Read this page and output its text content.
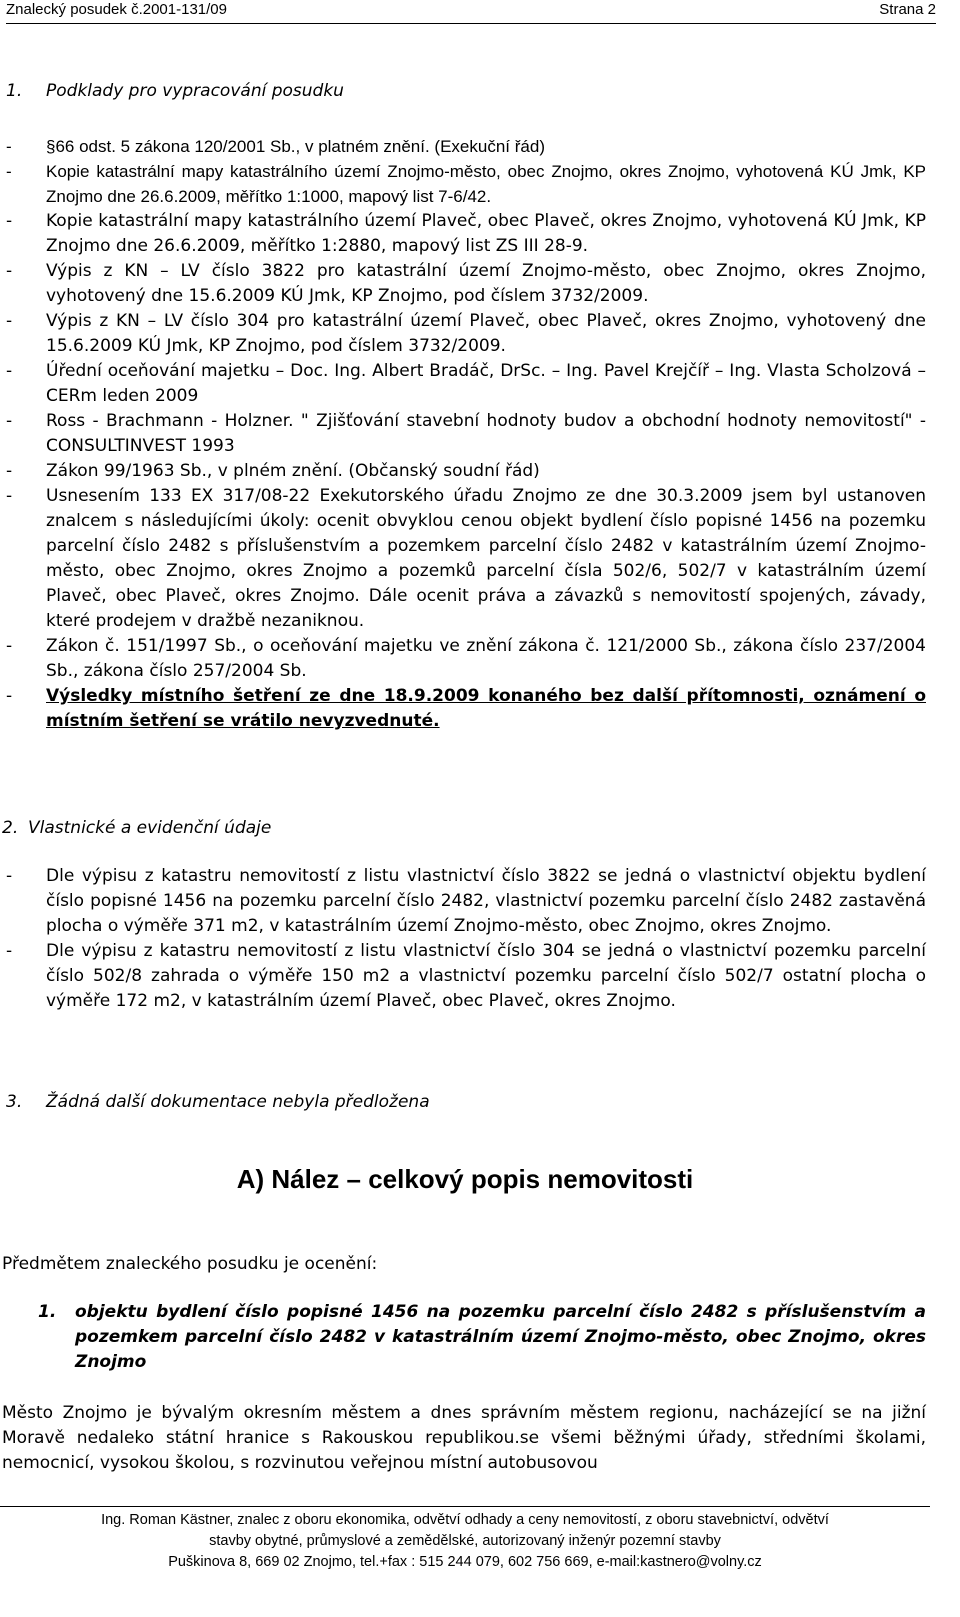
Znalecký posudek č.2001-131/09	Strana 2
1. Podklady pro vypracování posudku
- §66 odst. 5 zákona 120/2001 Sb., v platném znění. (Exekuční řád)
- Kopie katastrální mapy katastrálního území Znojmo-město, obec Znojmo, okres Znojmo, vyhotovená KÚ Jmk, KP Znojmo dne 26.6.2009, měřítko 1:1000, mapový list 7-6/42.
- Kopie katastrální mapy katastrálního území Plaveč, obec Plaveč, okres Znojmo, vyhotovená KÚ Jmk, KP Znojmo dne 26.6.2009, měřítko 1:2880, mapový list ZS III 28-9.
- Výpis z KN – LV číslo 3822 pro katastrální území Znojmo-město, obec Znojmo, okres Znojmo, vyhotovený dne 15.6.2009 KÚ Jmk, KP Znojmo, pod číslem 3732/2009.
- Výpis z KN – LV číslo 304 pro katastrální území Plaveč, obec Plaveč, okres Znojmo, vyhotovený dne 15.6.2009 KÚ Jmk, KP Znojmo, pod číslem 3732/2009.
- Úřední oceňování majetku – Doc. Ing. Albert Bradáč, DrSc. – Ing. Pavel Krejčíř – Ing. Vlasta Scholzová – CERm leden 2009
- Ross - Brachmann - Holzner. " Zjišťování stavební hodnoty budov a obchodní hodnoty nemovitostí" - CONSULTINVEST 1993
- Zákon 99/1963 Sb., v plném znění. (Občanský soudní řád)
- Usnesením 133 EX 317/08-22 Exekutorského úřadu Znojmo ze dne 30.3.2009 jsem byl ustanoven znalcem s následujícími úkoly: ocenit obvyklou cenou objekt bydlení číslo popisné 1456 na pozemku parcelní číslo 2482 s příslušenstvím a pozemkem parcelní číslo 2482 v katastrálním území Znojmo-město, obec Znojmo, okres Znojmo a pozemků parcelní čísla 502/6, 502/7 v katastrálním území Plaveč, obec Plaveč, okres Znojmo. Dále ocenit práva a závazků s nemovitostí spojených, závady, které prodejem v dražbě nezaniknou.
- Zákon č. 151/1997 Sb., o oceňování majetku ve znění zákona č. 121/2000 Sb., zákona číslo 237/2004 Sb., zákona číslo 257/2004 Sb.
- Výsledky místního šetření ze dne 18.9.2009 konaného bez další přítomnosti, oznámení o místním šetření se vrátilo nevyzvednuté.
2. Vlastnické a evidenční údaje
- Dle výpisu z katastru nemovitostí z listu vlastnictví číslo 3822 se jedná o vlastnictví objektu bydlení číslo popisné 1456 na pozemku parcelní číslo 2482, vlastnictví pozemku parcelní číslo 2482 zastavěná plocha o výměře 371 m2, v katastrálním území Znojmo-město, obec Znojmo, okres Znojmo.
- Dle výpisu z katastru nemovitostí z listu vlastnictví číslo 304 se jedná o vlastnictví pozemku parcelní číslo 502/8 zahrada o výměře 150 m2 a vlastnictví pozemku parcelní číslo 502/7 ostatní plocha o výměře 172 m2, v katastrálním území Plaveč, obec Plaveč, okres Znojmo.
3. Žádná další dokumentace nebyla předložena
A) Nález – celkový popis nemovitosti
Předmětem znaleckého posudku je ocenění:
1. objektu bydlení číslo popisné 1456 na pozemku parcelní číslo 2482 s příslušenstvím a pozemkem parcelní číslo 2482 v katastrálním území Znojmo-město, obec Znojmo, okres Znojmo
Město Znojmo je bývalým okresním městem a dnes správním městem regionu, nacházející se na jižní Moravě nedaleko státní hranice s Rakouskou republikou.se všemi běžnými úřady, středními školami, nemocnicí, vysokou školou, s rozvinutou veřejnou místní autobusovou
Ing. Roman Kästner, znalec z oboru ekonomika, odvětví odhady a ceny nemovitostí, z oboru stavebnictví, odvětví
stavby obytné, průmyslové a zemědělské, autorizovaný inženýr pozemní stavby
Puškinova 8, 669 02 Znojmo, tel.+fax : 515 244 079, 602 756 669, e-mail:kastnero@volny.cz
